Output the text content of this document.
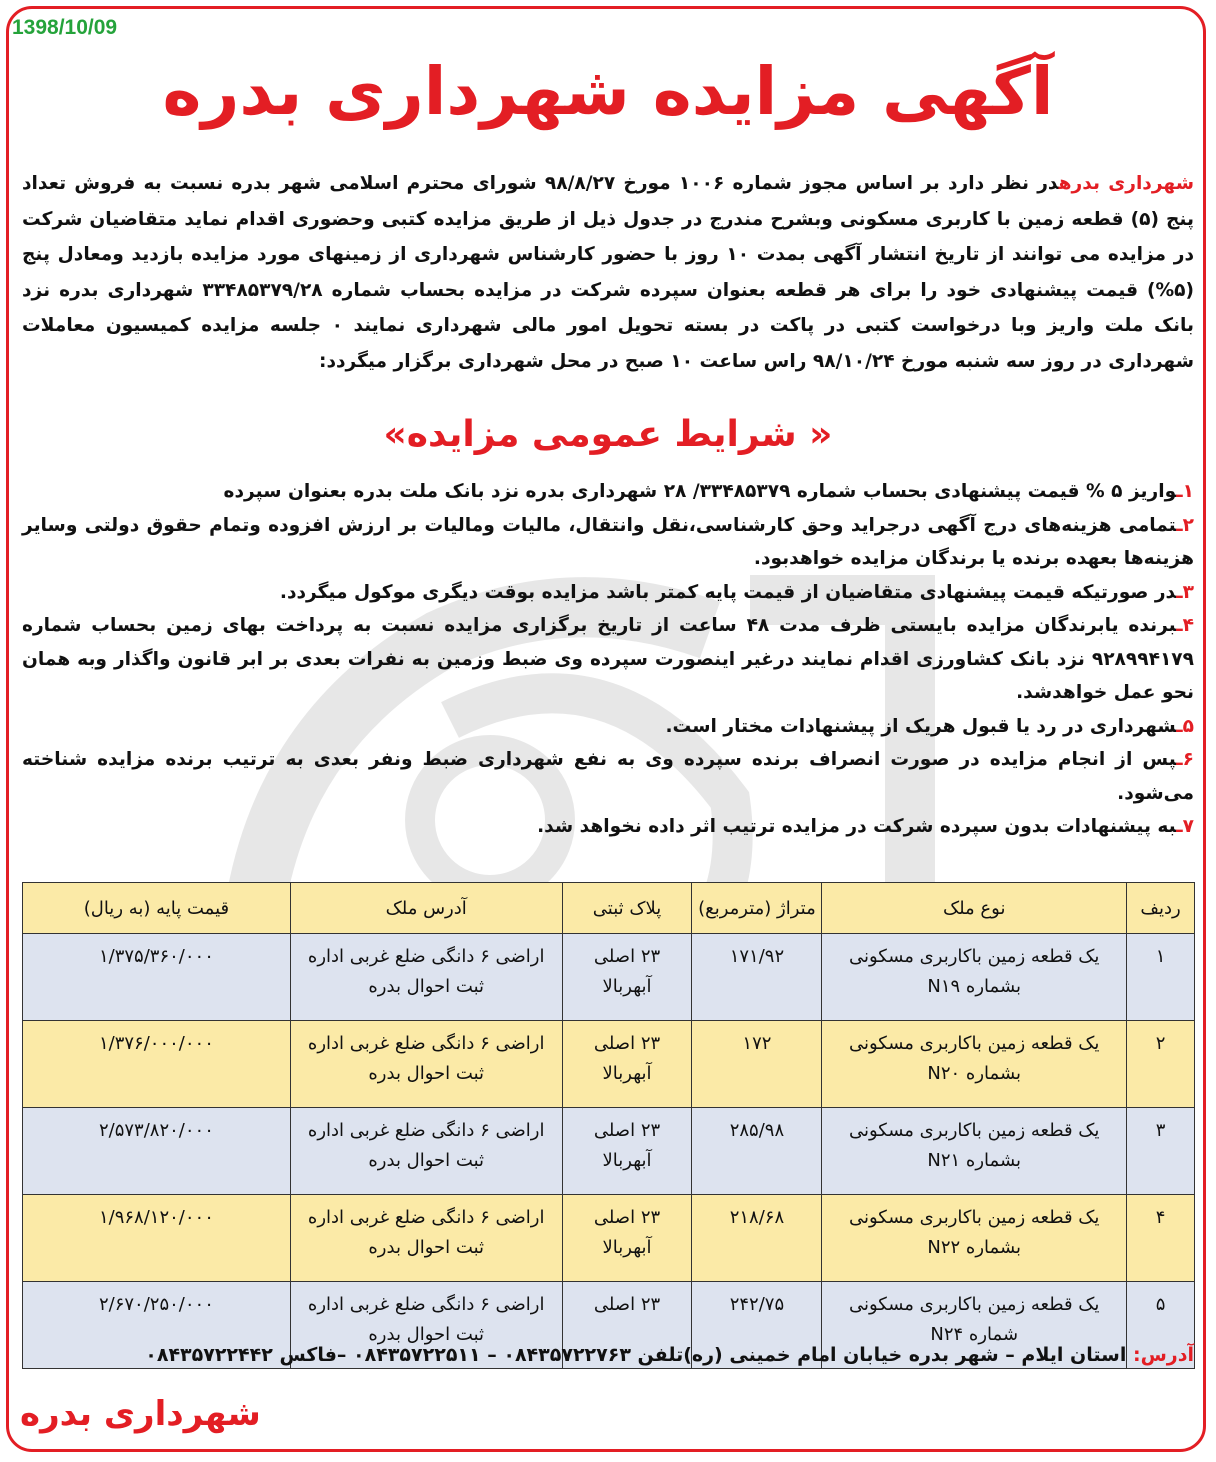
1398/10/09
آگهی مزایده شهرداری بدره
شهرداری بدرهدر نظر دارد بر اساس مجوز شماره ۱۰۰۶ مورخ ۹۸/۸/۲۷ شورای محترم اسلامی شهر بدره نسبت به فروش تعداد پنج (۵) قطعه زمین با کاربری مسکونی وبشرح مندرج در جدول ذیل از طریق مزایده کتبی وحضوری اقدام نماید متقاضیان شرکت در مزایده می توانند از تاریخ انتشار آگهی بمدت ۱۰ روز با حضور کارشناس شهرداری از زمینهای مورد مزایده بازدید ومعادل پنج (۵%) قیمت پیشنهادی خود را برای هر قطعه بعنوان سپرده شرکت در مزایده بحساب شماره ۳۳۴۸۵۳۷۹/۲۸ شهرداری بدره نزد بانک ملت واریز وبا درخواست کتبی در پاکت در بسته تحویل امور مالی شهرداری نمایند ۰ جلسه مزایده کمیسیون معاملات شهرداری در روز سه شنبه مورخ ۹۸/۱۰/۲۴ راس ساعت ۱۰ صبح در محل شهرداری برگزار میگردد:
« شرایط عمومی مزایده»
۱ـواریز ۵ % قیمت پیشنهادی بحساب شماره ۳۳۴۸۵۳۷۹/ ۲۸ شهرداری بدره نزد بانک ملت بدره بعنوان سپرده
۲ـتمامی هزینه‌های درج آگهی درجراید وحق کارشناسی،نقل وانتقال، مالیات ومالیات بر ارزش افزوده وتمام حقوق دولتی وسایر هزینه‌ها بعهده برنده یا برندگان مزایده خواهدبود.
۳ـدر صورتیکه قیمت پیشنهادی متقاضیان از قیمت پایه کمتر باشد مزایده بوقت دیگری موکول میگردد.
۴ـبرنده یابرندگان مزایده بایستی ظرف مدت ۴۸ ساعت از تاریخ برگزاری مزایده نسبت به پرداخت بهای زمین بحساب شماره ۹۲۸۹۹۴۱۷۹ نزد بانک کشاورزی اقدام نمایند درغیر اینصورت سپرده وی ضبط وزمین به نفرات بعدی بر ابر قانون واگذار وبه همان نحو عمل خواهدشد.
۵ـشهرداری در رد یا قبول هریک از پیشنهادات مختار است.
۶ـپس از انجام مزایده در صورت انصراف برنده سپرده وی به نفع شهرداری ضبط ونفر بعدی به ترتیب برنده مزایده شناخته می‌شود.
۷ـبه پیشنهادات بدون سپرده شرکت در مزایده ترتیب اثر داده نخواهد شد.
ردیف	نوع ملک	متراژ (مترمربع)	پلاک ثبتی	آدرس ملک	قیمت پایه (به ریال)
۱	یک قطعه زمین باکاربری مسکونی بشماره N۱۹	۱۷۱/۹۲	۲۳ اصلی آبهربالا	اراضی ۶ دانگی ضلع غربی اداره ثبت احوال بدره	۱/۳۷۵/۳۶۰/۰۰۰
۲	یک قطعه زمین باکاربری مسکونی بشماره N۲۰	۱۷۲	۲۳ اصلی آبهربالا	اراضی ۶ دانگی ضلع غربی اداره ثبت احوال بدره	۱/۳۷۶/۰۰۰/۰۰۰
۳	یک قطعه زمین باکاربری مسکونی بشماره N۲۱	۲۸۵/۹۸	۲۳ اصلی آبهربالا	اراضی ۶ دانگی ضلع غربی اداره ثبت احوال بدره	۲/۵۷۳/۸۲۰/۰۰۰
۴	یک قطعه زمین باکاربری مسکونی بشماره N۲۲	۲۱۸/۶۸	۲۳ اصلی آبهربالا	اراضی ۶ دانگی ضلع غربی اداره ثبت احوال بدره	۱/۹۶۸/۱۲۰/۰۰۰
۵	یک قطعه زمین باکاربری مسکونی شماره N۲۴	۲۴۲/۷۵	۲۳ اصلی	اراضی ۶ دانگی ضلع غربی اداره ثبت احوال بدره	۲/۶۷۰/۲۵۰/۰۰۰
آدرس: استان ایلام – شهر بدره خیابان امام خمینی (ره)تلفن ۰۸۴۳۵۷۲۲۷۶۳ – ۰۸۴۳۵۷۲۲۵۱۱ –فاکس ۰۸۴۳۵۷۲۲۴۴۲
شهرداری بدره
